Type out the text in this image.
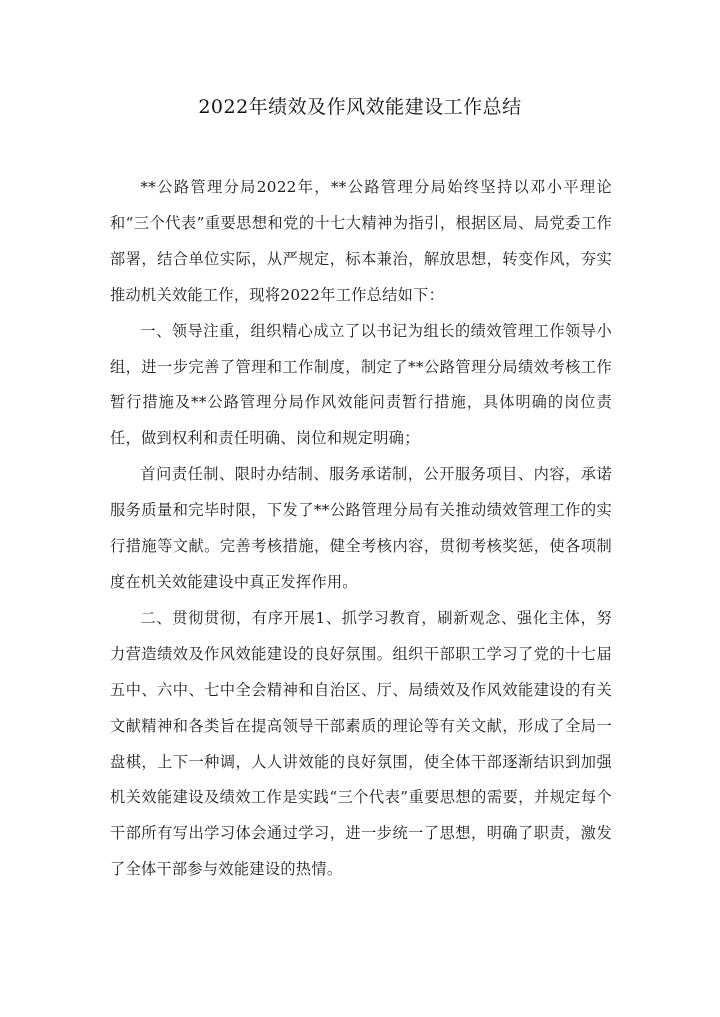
2022年绩效及作风效能建设工作总结

**公路管理分局2022年，**公路管理分局始终坚持以邓小平理论和“三个代表”重要思想和党的十七大精神为指引，根据区局、局党委工作部署，结合单位实际，从严规定，标本兼治，解放思想，转变作风，夯实推动机关效能工作，现将2022年工作总结如下：

一、领导注重，组织精心成立了以书记为组长的绩效管理工作领导小组，进一步完善了管理和工作制度，制定了**公路管理分局绩效考核工作暂行措施及**公路管理分局作风效能问责暂行措施，具体明确的岗位责任，做到权利和责任明确、岗位和规定明确；

首问责任制、限时办结制、服务承诺制，公开服务项目、内容，承诺服务质量和完毕时限，下发了**公路管理分局有关推动绩效管理工作的实行措施等文献。完善考核措施，健全考核内容，贯彻考核奖惩，使各项制度在机关效能建设中真正发挥作用。

二、贯彻贯彻，有序开展1、抓学习教育，刷新观念、强化主体，努力营造绩效及作风效能建设的良好氛围。组织干部职工学习了党的十七届五中、六中、七中全会精神和自治区、厅、局绩效及作风效能建设的有关文献精神和各类旨在提高领导干部素质的理论等有关文献，形成了全局一盘棋，上下一种调，人人讲效能的良好氛围，使全体干部逐渐结识到加强机关效能建设及绩效工作是实践“三个代表”重要思想的需要，并规定每个干部所有写出学习体会通过学习，进一步统一了思想，明确了职责，激发了全体干部参与效能建设的热情。
